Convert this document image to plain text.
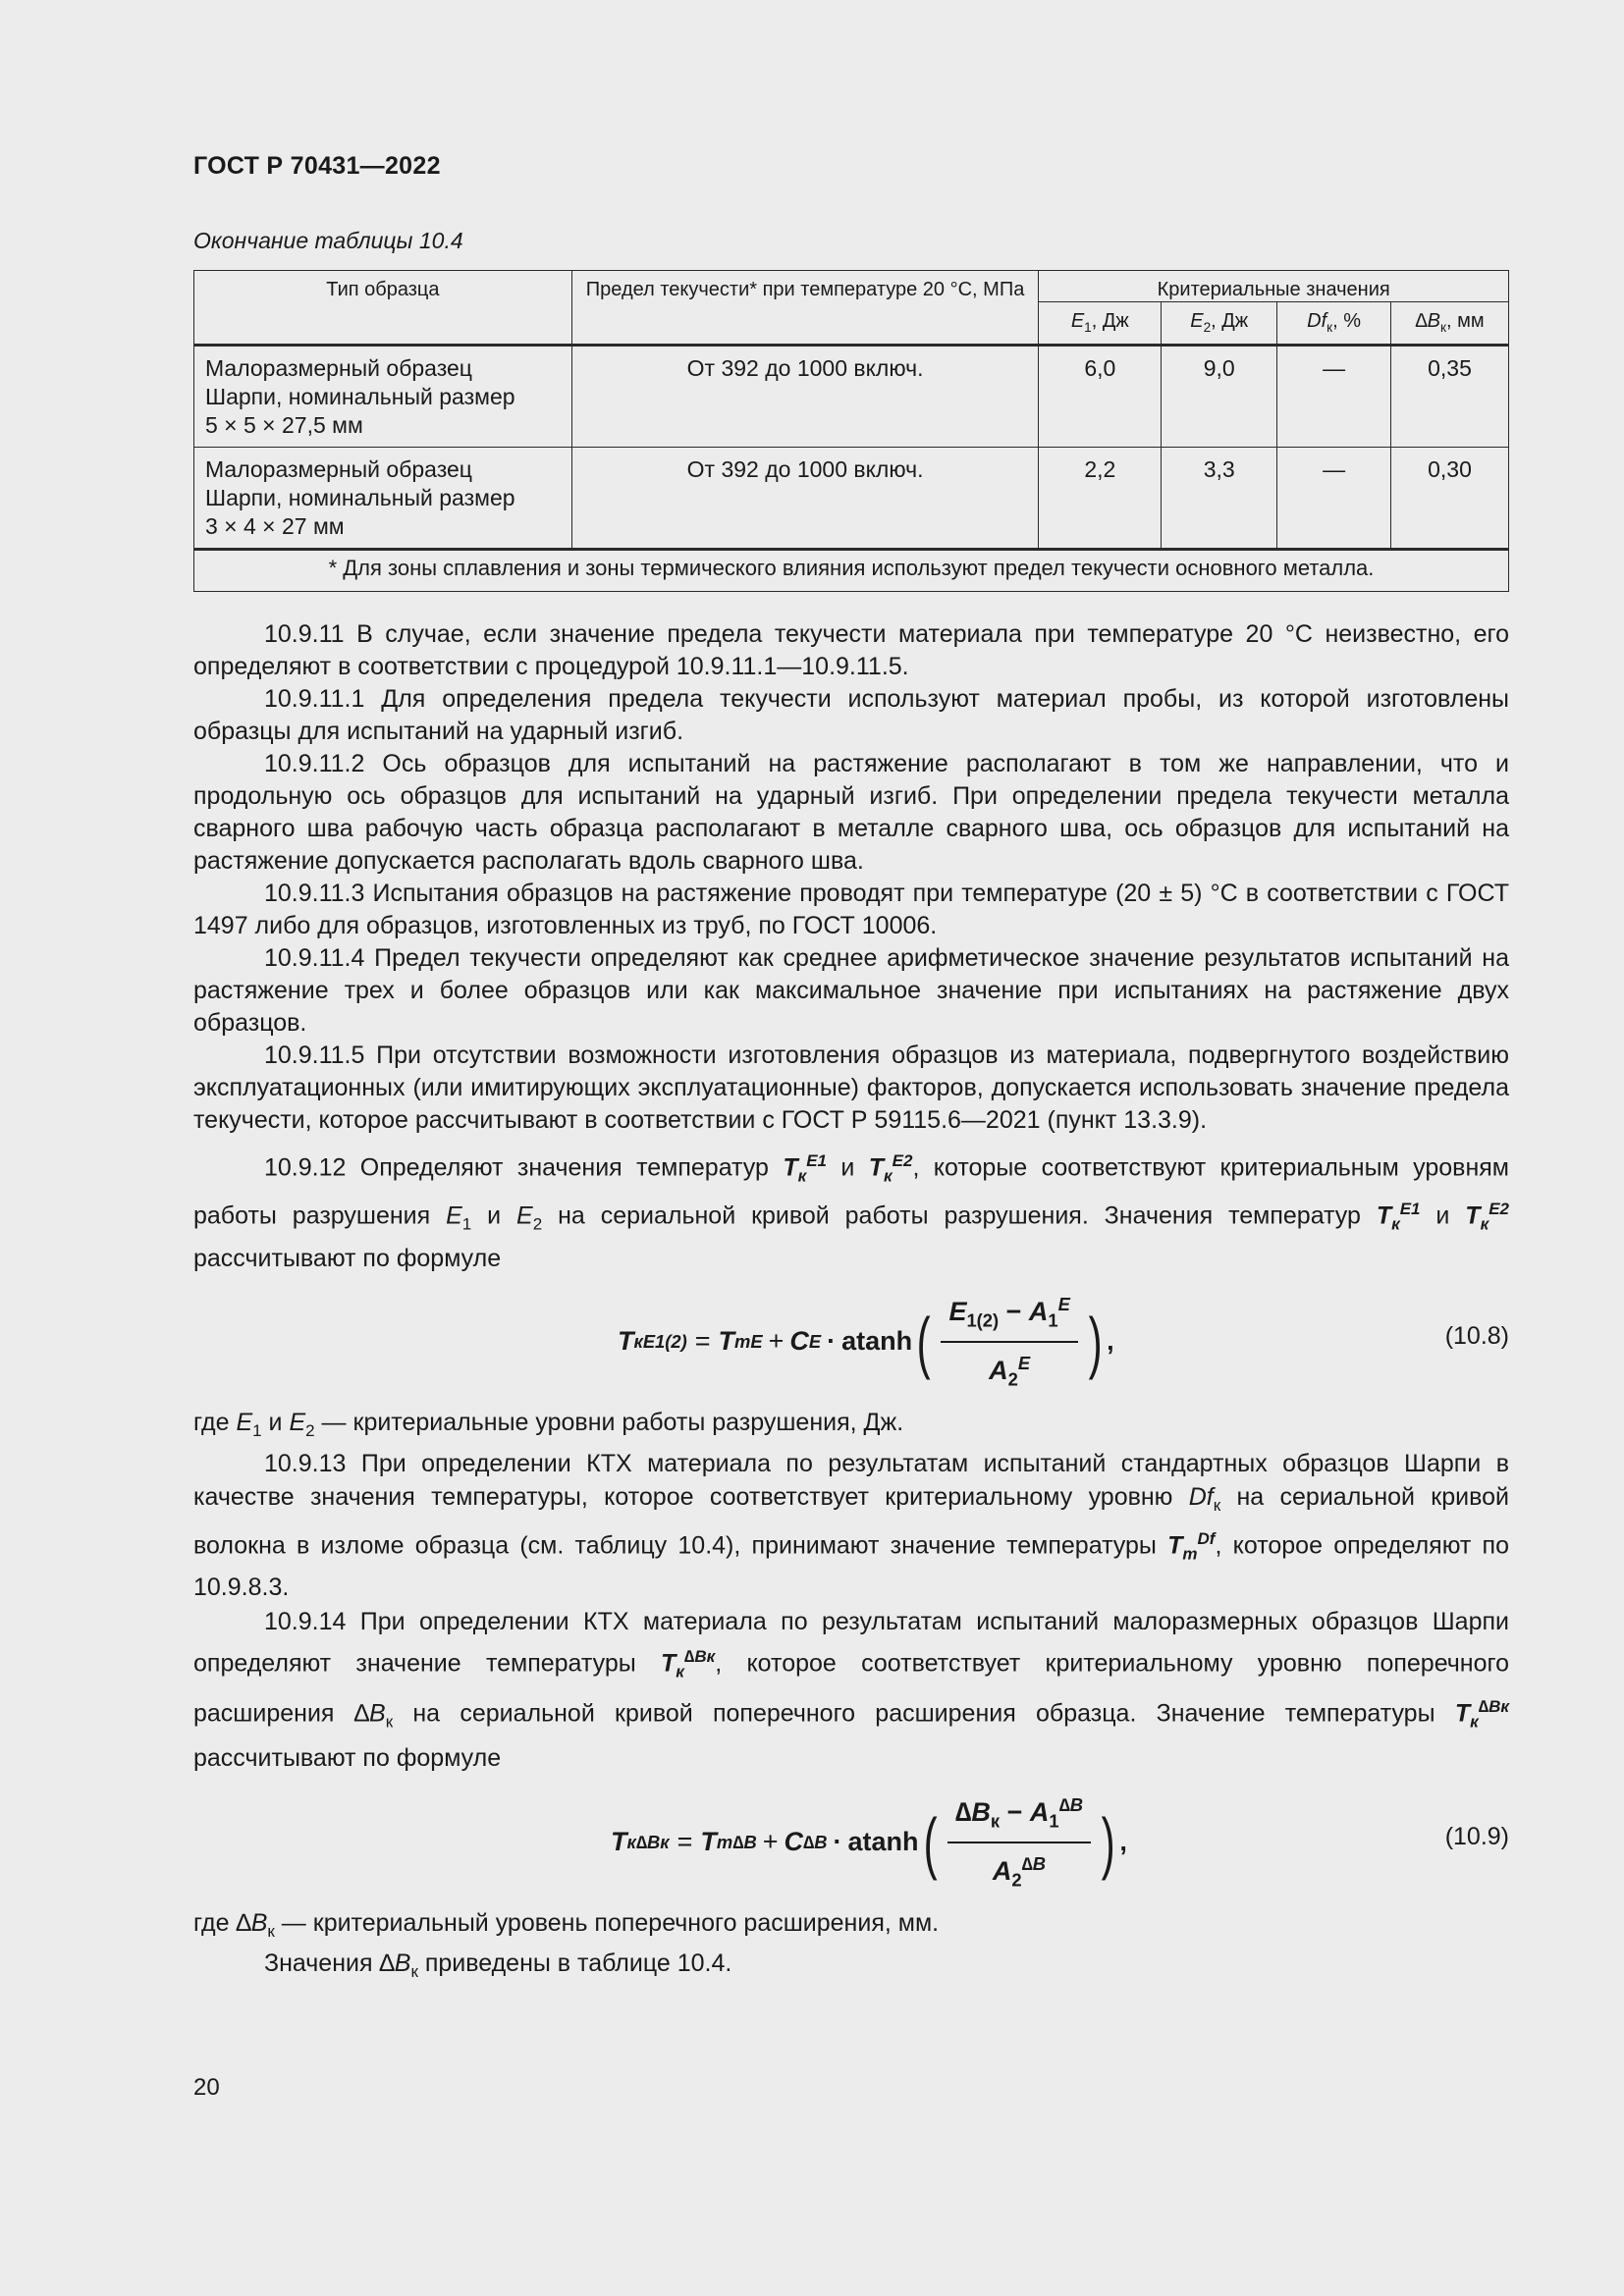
ГОСТ Р 70431—2022
Окончание таблицы 10.4
Тип образца	Предел текучести* при температуре 20 °С, МПа	Критериальные значения			
		$E_1$, Дж	$E_2$, Дж	$Df_к$, %	$\Delta B_к$, мм

Малоразмерный образец
Шарпи, номинальный размер
5 × 5 × 27,5 мм	От 392 до 1000 включ.	6,0	9,0	—	0,35

Малоразмерный образец
Шарпи, номинальный размер
3 × 4 × 27 мм	От 392 до 1000 включ.	2,2	3,3	—	0,30
* Для зоны сплавления и зоны термического влияния используют предел текучести основного металла.					

10.9.11 В случае, если значение предела текучести материала при температуре 20 °С неизвестно, его определяют в соответствии с процедурой 10.9.11.1—10.9.11.5.

10.9.11.1 Для определения предела текучести используют материал пробы, из которой изготовлены образцы для испытаний на ударный изгиб.

10.9.11.2 Ось образцов для испытаний на растяжение располагают в том же направлении, что и продольную ось образцов для испытаний на ударный изгиб. При определении предела текучести металла сварного шва рабочую часть образца располагают в металле сварного шва, ось образцов для испытаний на растяжение допускается располагать вдоль сварного шва.

10.9.11.3 Испытания образцов на растяжение проводят при температуре (20 ± 5) °С в соответствии с ГОСТ 1497 либо для образцов, изготовленных из труб, по ГОСТ 10006.

10.9.11.4 Предел текучести определяют как среднее арифметическое значение результатов испытаний на растяжение трех и более образцов или как максимальное значение при испытаниях на растяжение двух образцов.

10.9.11.5 При отсутствии возможности изготовления образцов из материала, подвергнутого воздействию эксплуатационных (или имитирующих эксплуатационные) факторов, допускается использовать значение предела текучести, которое рассчитывают в соответствии с ГОСТ Р 59115.6—2021 (пункт 13.3.9).

10.9.12 Определяют значения температур $T_к^{E1}$ и $T_к^{E2}$, которые соответствуют критериальным уровням работы разрушения $E_1$ и $E_2$ на сериальной кривой работы разрушения. Значения температур $T_к^{E1}$ и $T_к^{E2}$ рассчитывают по формуле

T к E1(2) = T m E + C E · atanh ( $\frac{E_{1(2)} - A_1^E}{A_2^E}$ ) ,	(10.8)

где $E_1$ и $E_2$ — критериальные уровни работы разрушения, Дж.

10.9.13 При определении КТХ материала по результатам испытаний стандартных образцов Шарпи в качестве значения температуры, которое соответствует критериальному уровню $Df_к$ на сериальной кривой волокна в изломе образца (см. таблицу 10.4), принимают значение температуры $T_m^{Df}$, которое определяют по 10.9.8.3.

10.9.14 При определении КТХ материала по результатам испытаний малоразмерных образцов Шарпи определяют значение температуры $T_к^{\Delta Bк}$, которое соответствует критериальному уровню поперечного расширения $\Delta B_к$ на сериальной кривой поперечного расширения образца. Значение температуры $T_к^{\Delta Bк}$ рассчитывают по формуле

T к ∆Bк = T m ∆B + C ∆B · atanh ( $\frac{\Delta B_к - A_1^{\Delta B}}{A_2^{\Delta B}}$ ) ,	(10.9)

где $\Delta B_к$ — критериальный уровень поперечного расширения, мм.

Значения $\Delta B_к$ приведены в таблице 10.4.

20
